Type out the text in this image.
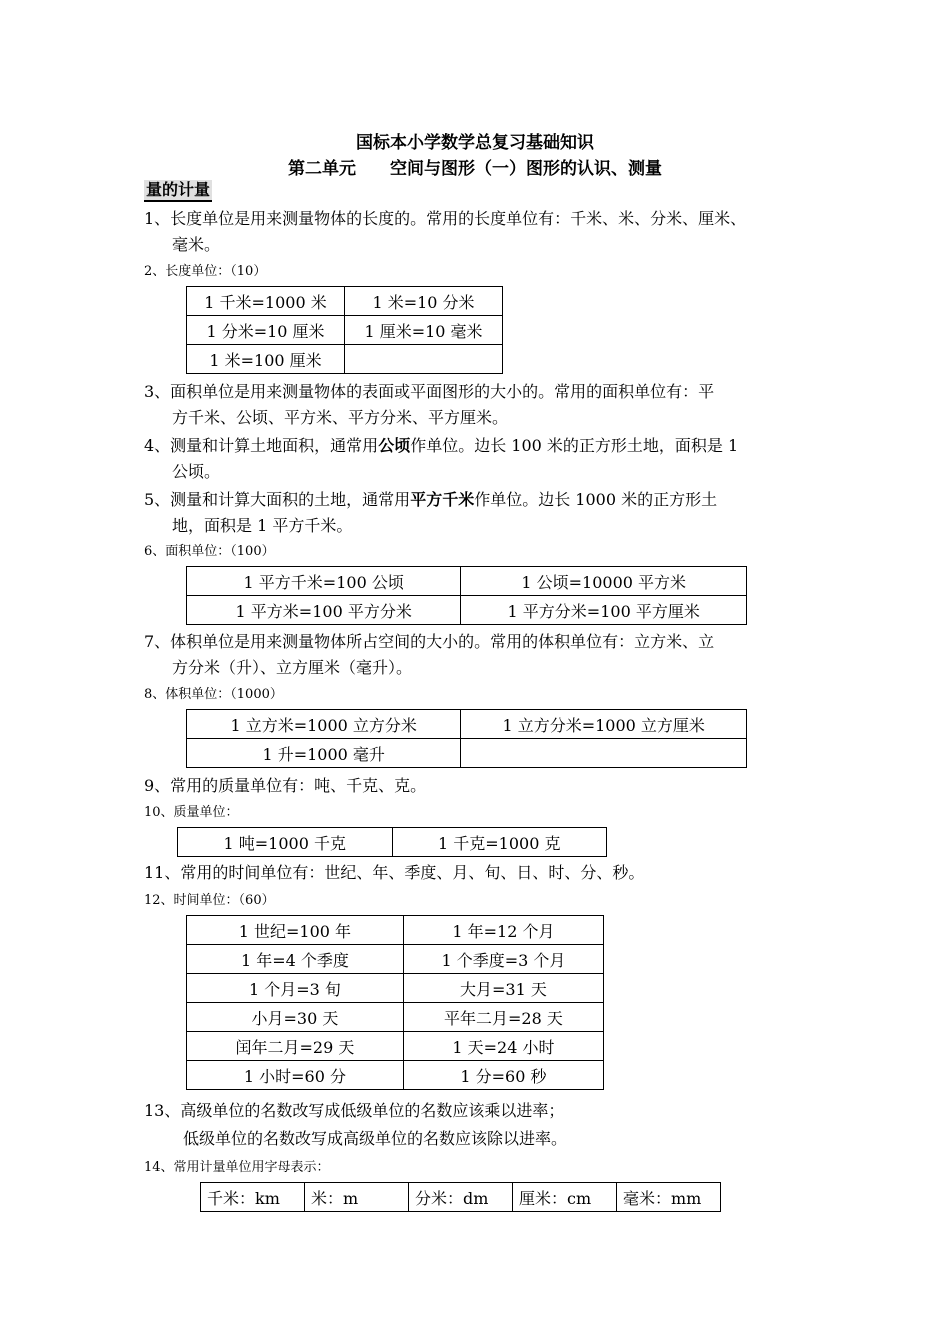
国标本小学数学总复习基础知识
第二单元　　空间与图形（一）图形的认识、测量
量的计量
1、长度单位是用来测量物体的长度的。常用的长度单位有：千米、米、分米、厘米、
毫米。
2、长度单位：（10）
1 千米=1000 米	1 米=10 分米
1 分米=10 厘米	1 厘米=10 毫米
1 米=100 厘米	
3、面积单位是用来测量物体的表面或平面图形的大小的。常用的面积单位有：平
方千米、公顷、平方米、平方分米、平方厘米。
4、测量和计算土地面积，通常用公顷作单位。边长 100 米的正方形土地，面积是 1
公顷。
5、测量和计算大面积的土地，通常用平方千米作单位。边长 1000 米的正方形土
地，面积是 1 平方千米。
6、面积单位：（100）
1 平方千米=100 公顷	1 公顷=10000 平方米
1 平方米=100 平方分米	1 平方分米=100 平方厘米
7、体积单位是用来测量物体所占空间的大小的。常用的体积单位有：立方米、立
方分米（升）、立方厘米（毫升）。
8、体积单位：（1000）
1 立方米=1000 立方分米	1 立方分米=1000 立方厘米
1 升=1000 毫升	
9、常用的质量单位有：吨、千克、克。
10、质量单位：
1 吨=1000 千克	1 千克=1000 克
11、常用的时间单位有：世纪、年、季度、月、旬、日、时、分、秒。
12、时间单位：（60）
1 世纪=100 年	1 年=12 个月
1 年=4 个季度	1 个季度=3 个月
1 个月=3 旬	大月=31 天
小月=30 天	平年二月=28 天
闰年二月=29 天	1 天=24 小时
1 小时=60 分	1 分=60 秒
13、高级单位的名数改写成低级单位的名数应该乘以进率；
低级单位的名数改写成高级单位的名数应该除以进率。
14、常用计量单位用字母表示：
千米：km	米：m	分米：dm	厘米：cm	毫米：mm
